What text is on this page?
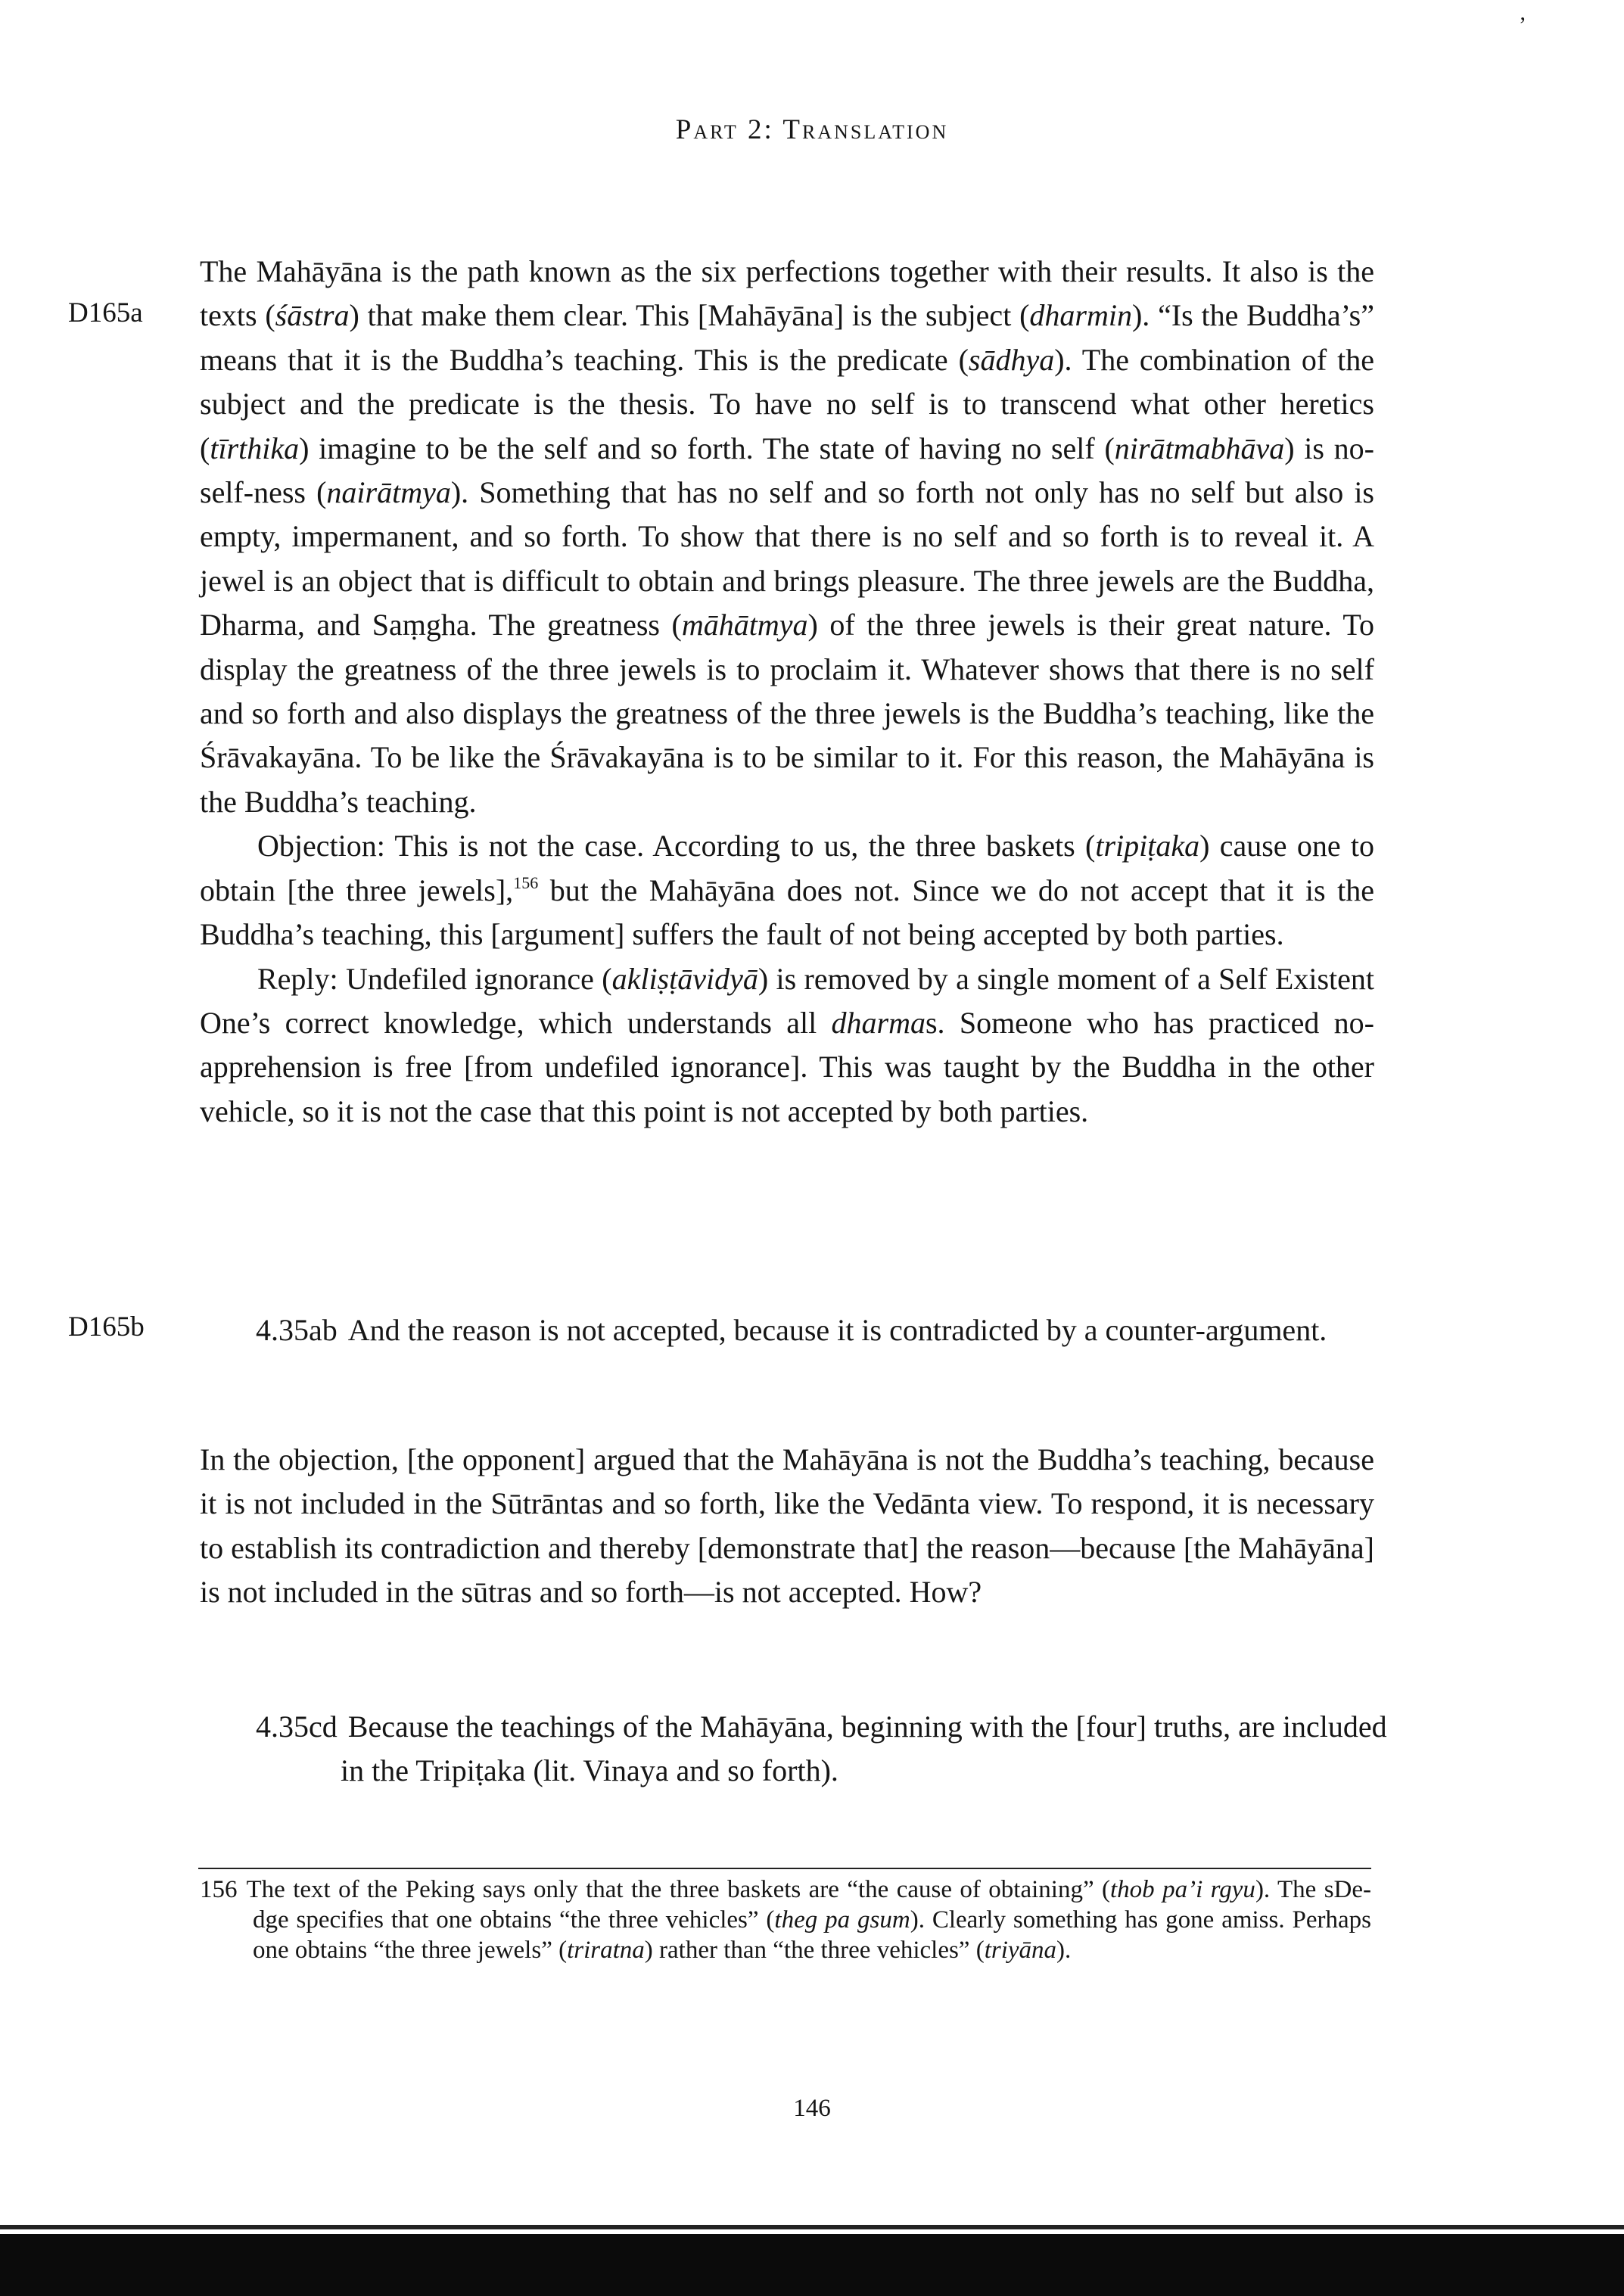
,
Part 2: Translation
D165a

The Mahāyāna is the path known as the six perfections together with their results. It also is the texts (śāstra) that make them clear. This [Mahāyāna] is the subject (dharmin). “Is the Buddha’s” means that it is the Buddha’s teaching. This is the predicate (sādhya). The combination of the subject and the predicate is the thesis. To have no self is to transcend what other heretics (tīrthika) imagine to be the self and so forth. The state of having no self (nirātmabhāva) is no-self-ness (nairātmya). Something that has no self and so forth not only has no self but also is empty, impermanent, and so forth. To show that there is no self and so forth is to reveal it. A jewel is an object that is difficult to obtain and brings pleasure. The three jewels are the Buddha, Dharma, and Saṃgha. The greatness (māhātmya) of the three jewels is their great nature. To display the greatness of the three jewels is to proclaim it. Whatever shows that there is no self and so forth and also displays the greatness of the three jewels is the Buddha’s teaching, like the Śrāvakayāna. To be like the Śrāvakayāna is to be similar to it. For this reason, the Mahāyāna is the Buddha’s teaching.

Objection: This is not the case. According to us, the three baskets (tripiṭaka) cause one to obtain [the three jewels],$^{156}$ but the Mahāyāna does not. Since we do not accept that it is the Buddha’s teaching, this [argument] suffers the fault of not being accepted by both parties.

Reply: Undefiled ignorance (akliṣṭāvidyā) is removed by a single moment of a Self Existent One’s correct knowledge, which understands all dharmas. Someone who has practiced no-apprehension is free [from undefiled ignorance]. This was taught by the Buddha in the other vehicle, so it is not the case that this point is not accepted by both parties.

D165b	4.35ab And the reason is not accepted, because it is contradicted by a counter-argument.

In the objection, [the opponent] argued that the Mahāyāna is not the Buddha’s teaching, because it is not included in the Sūtrāntas and so forth, like the Vedānta view. To respond, it is necessary to establish its contradiction and thereby [demonstrate that] the reason—because [the Mahāyāna] is not included in the sūtras and so forth—is not accepted. How?

4.35cd Because the teachings of the Mahāyāna, beginning with the [four] truths, are included in the Tripiṭaka (lit. Vinaya and so forth).
156 The text of the Peking says only that the three baskets are “the cause of obtaining” (thob pa’i rgyu). The sDe-dge specifies that one obtains “the three vehicles” (theg pa gsum). Clearly something has gone amiss. Perhaps one obtains “the three jewels” (triratna) rather than “the three vehicles” (triyāna).
146
